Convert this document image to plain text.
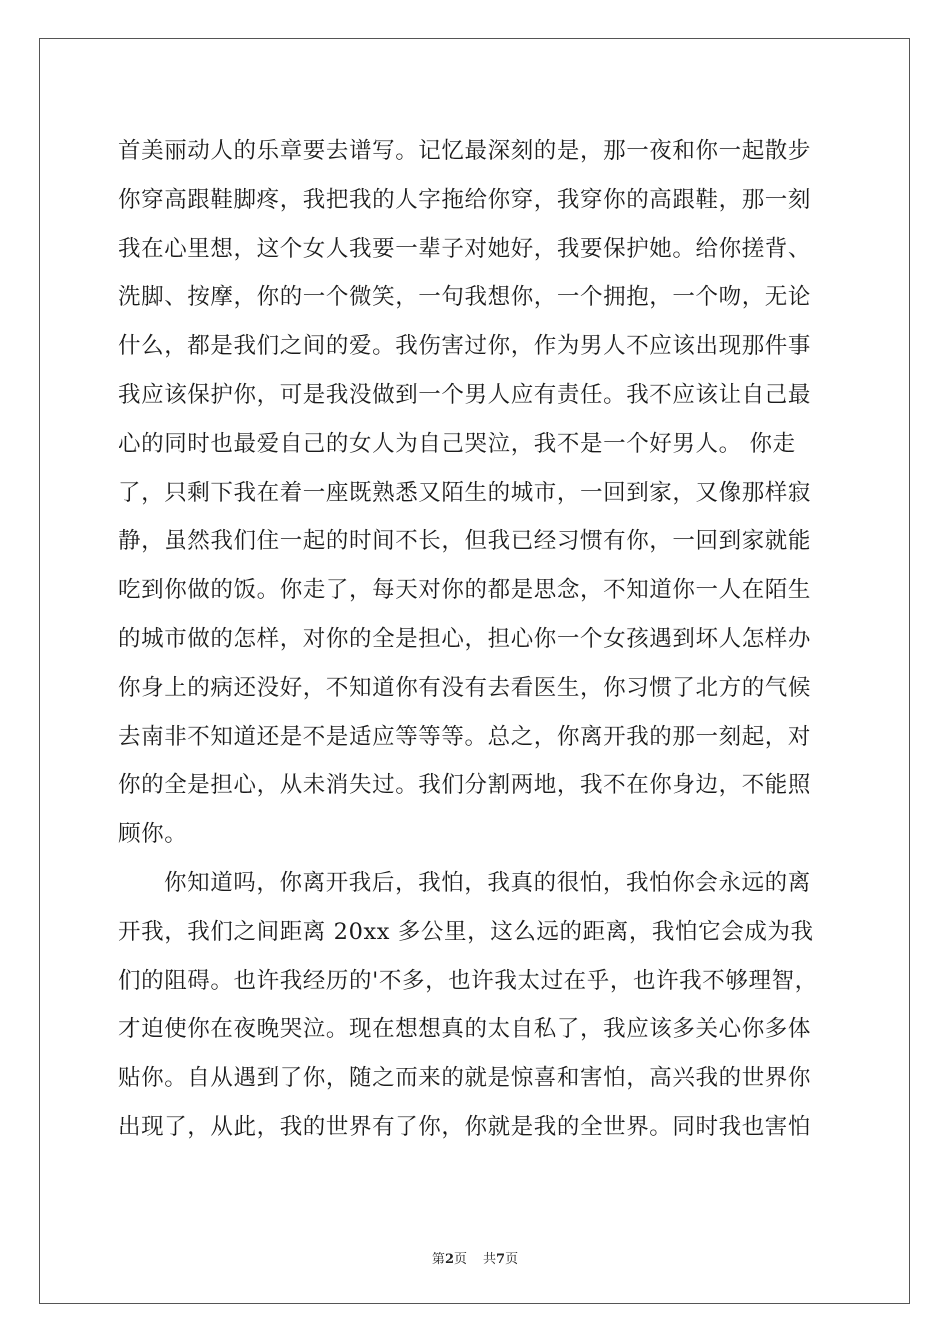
首美丽动人的乐章要去谱写。记忆最深刻的是，那一夜和你一起散步
你穿高跟鞋脚疼，我把我的人字拖给你穿，我穿你的高跟鞋，那一刻
我在心里想，这个女人我要一辈子对她好，我要保护她。给你搓背、
洗脚、按摩，你的一个微笑，一句我想你，一个拥抱，一个吻，无论
什么，都是我们之间的爱。我伤害过你，作为男人不应该出现那件事
我应该保护你，可是我没做到一个男人应有责任。我不应该让自己最
心的同时也最爱自己的女人为自己哭泣，我不是一个好男人。 你走
了，只剩下我在着一座既熟悉又陌生的城市，一回到家，又像那样寂
静，虽然我们住一起的时间不长，但我已经习惯有你，一回到家就能
吃到你做的饭。你走了，每天对你的都是思念，不知道你一人在陌生
的城市做的怎样，对你的全是担心，担心你一个女孩遇到坏人怎样办
你身上的病还没好，不知道你有没有去看医生，你习惯了北方的气候
去南非不知道还是不是适应等等等。总之，你离开我的那一刻起，对
你的全是担心，从未消失过。我们分割两地，我不在你身边，不能照
顾你。
你知道吗，你离开我后，我怕，我真的很怕，我怕你会永远的离
开我，我们之间距离 20xx 多公里，这么远的距离，我怕它会成为我
们的阻碍。也许我经历的'不多，也许我太过在乎，也许我不够理智，
才迫使你在夜晚哭泣。现在想想真的太自私了，我应该多关心你多体
贴你。自从遇到了你，随之而来的就是惊喜和害怕，高兴我的世界你
出现了，从此，我的世界有了你，你就是我的全世界。同时我也害怕
第2页 共7页
